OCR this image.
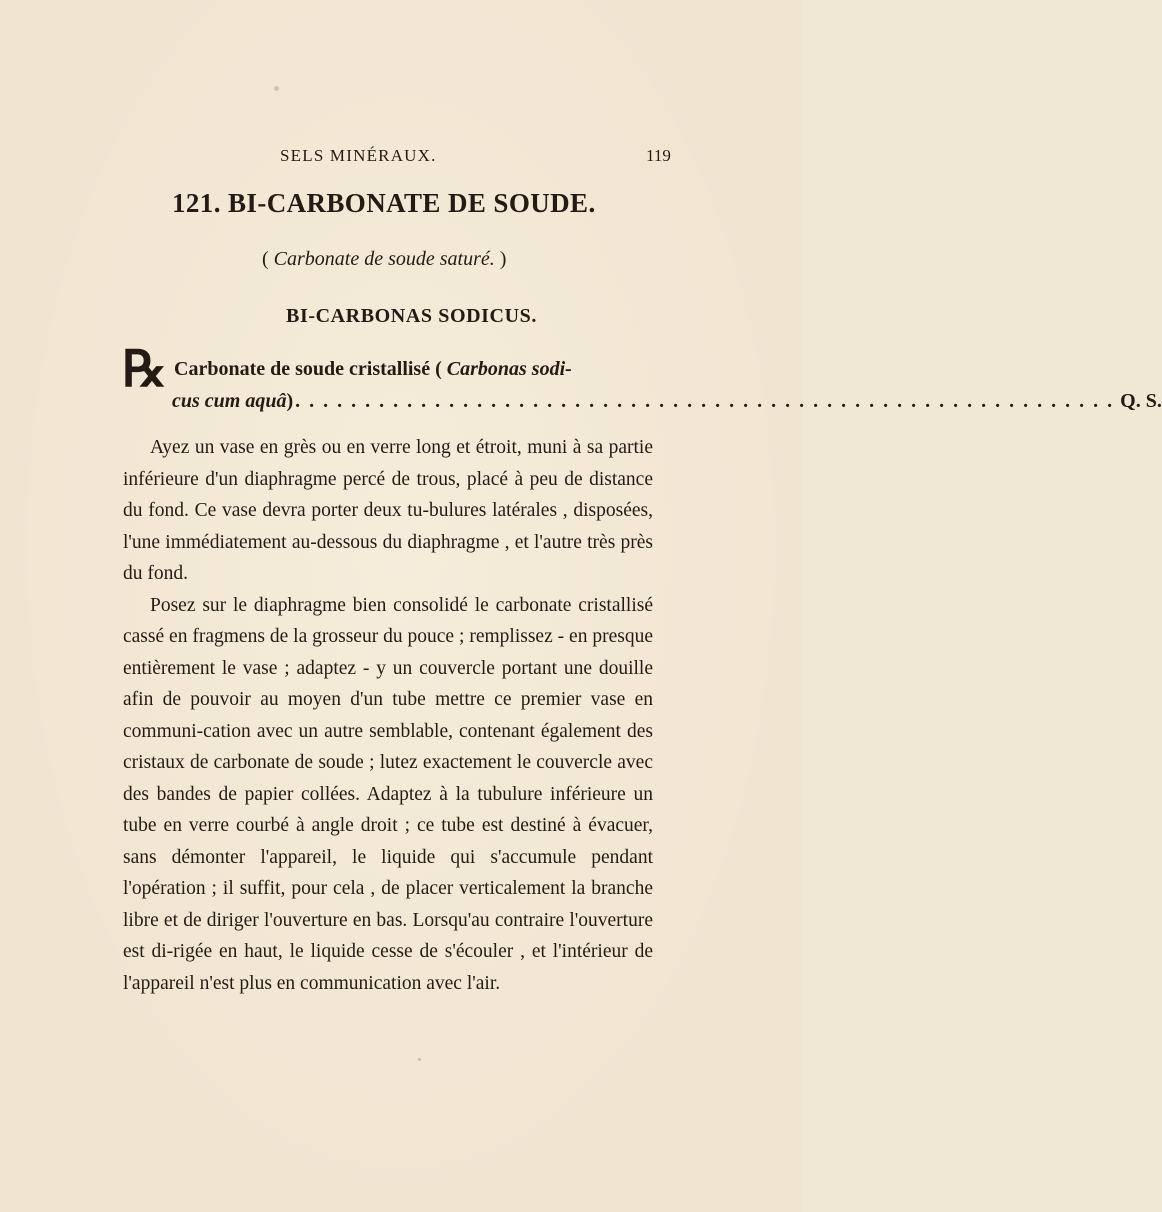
SELS MINÉRAUX.	119
121. BI-CARBONATE DE SOUDE.
( Carbonate de soude saturé. )
BI-CARBONAS SODICUS.
℞ Carbonate de soude cristallisé ( Carbonas sodi-
cus cum aquâ ) . . . . . . . . . . . . . . . . . . . . . . . . . . . . . . . . . . . . . . . . . . . . . . . . . . . . . . . . . . . Q. S.

Ayez un vase en grès ou en verre long et étroit, muni à sa partie inférieure d'un diaphragme percé de trous, placé à peu de distance du fond. Ce vase devra porter deux tu-bulures latérales , disposées, l'une immédiatement au-dessous du diaphragme , et l'autre très près du fond.

Posez sur le diaphragme bien consolidé le carbonate cristallisé cassé en fragmens de la grosseur du pouce ; remplissez - en presque entièrement le vase ; adaptez - y un couvercle portant une douille afin de pouvoir au moyen d'un tube mettre ce premier vase en communi-cation avec un autre semblable, contenant également des cristaux de carbonate de soude ; lutez exactement le couvercle avec des bandes de papier collées. Adaptez à la tubulure inférieure un tube en verre courbé à angle droit ; ce tube est destiné à évacuer, sans démonter l'appareil, le liquide qui s'accumule pendant l'opération ; il suffit, pour cela , de placer verticalement la branche libre et de diriger l'ouverture en bas. Lorsqu'au contraire l'ouverture est di-rigée en haut, le liquide cesse de s'écouler , et l'intérieur de l'appareil n'est plus en communication avec l'air.
